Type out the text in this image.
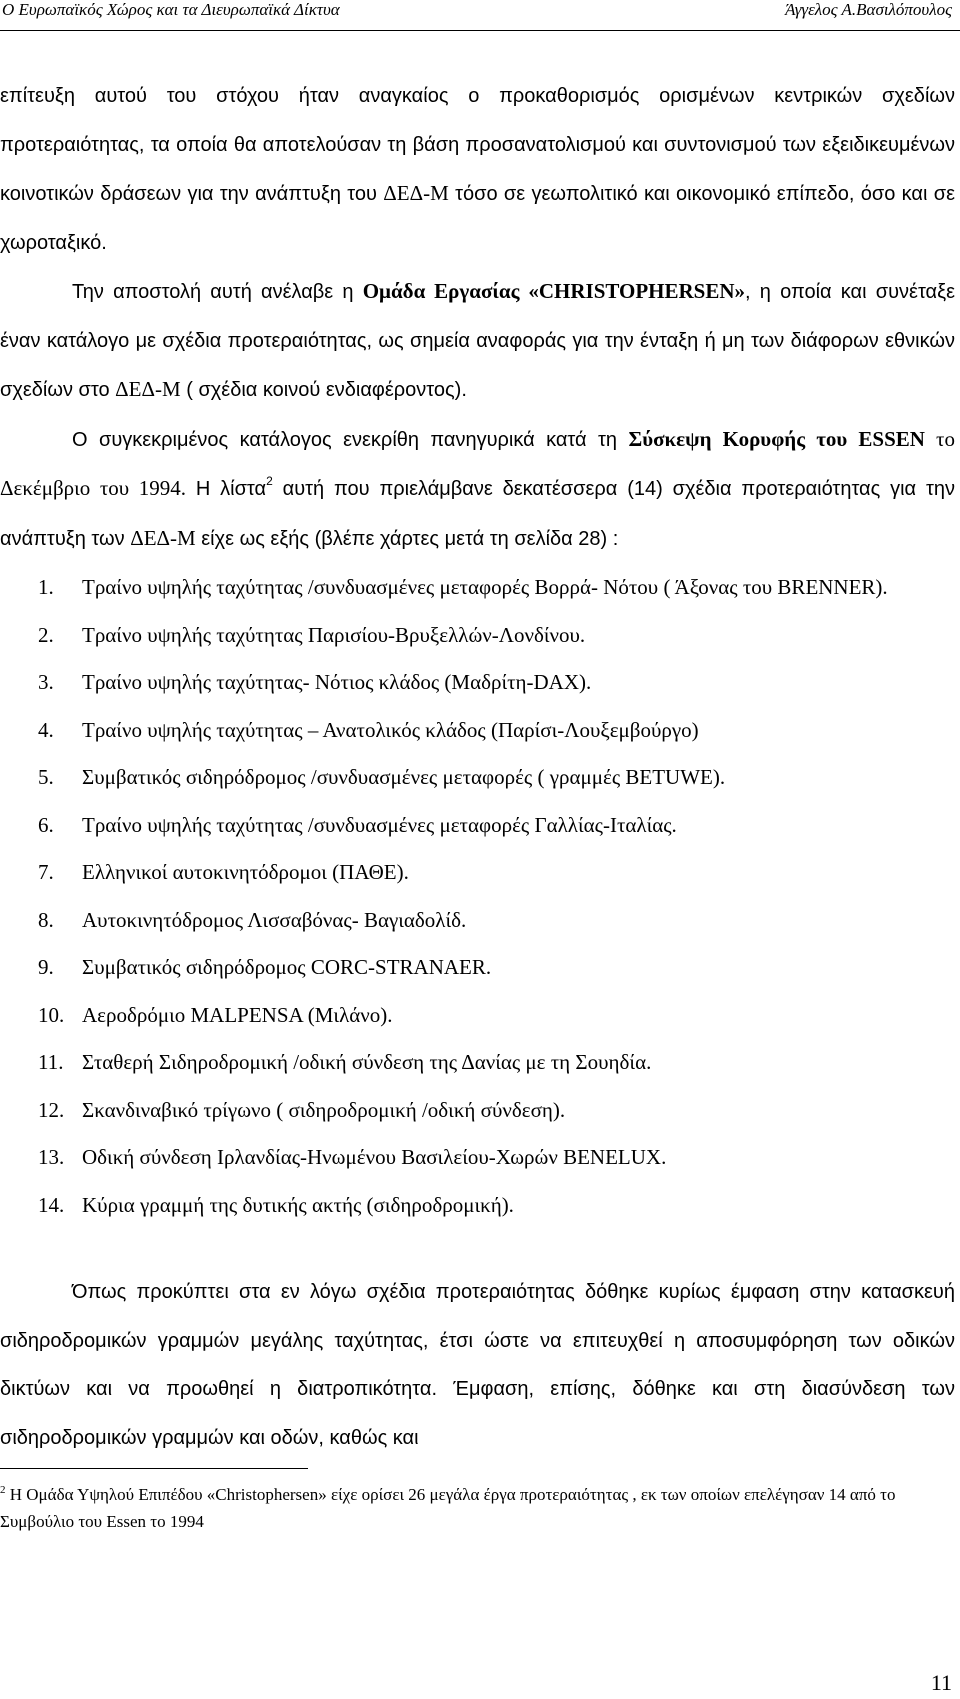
Ο Ευρωπαϊκός Χώρος και τα Διευρωπαϊκά Δίκτυα	Άγγελος Α.Βασιλόπουλος

επίτευξη αυτού του στόχου ήταν αναγκαίος ο προκαθορισμός ορισμένων κεντρικών σχεδίων προτεραιότητας, τα οποία θα αποτελούσαν τη βάση προσανατολισμού και συντονισμού των εξειδικευμένων κοινοτικών δράσεων για την ανάπτυξη του ΔΕΔ-Μ τόσο σε γεωπολιτικό και οικονομικό επίπεδο, όσο και σε χωροταξικό.

Την αποστολή αυτή ανέλαβε η Ομάδα Εργασίας «CHRISTOPHERSEN», η οποία και συνέταξε έναν κατάλογο με σχέδια προτεραιότητας, ως σημεία αναφοράς για την ένταξη ή μη των διάφορων εθνικών σχεδίων στο ΔΕΔ-Μ ( σχέδια κοινού ενδιαφέροντος).

Ο συγκεκριμένος κατάλογος ενεκρίθη πανηγυρικά κατά τη Σύσκεψη Κορυφής του ESSEN το Δεκέμβριο του 1994. Η λίστα$^2$ αυτή που πριελάμβανε δεκατέσσερα (14) σχέδια προτεραιότητας για την ανάπτυξη των ΔΕΔ-Μ είχε ως εξής (βλέπε χάρτες μετά τη σελίδα 28) :

1. Τραίνο υψηλής ταχύτητας /συνδυασμένες μεταφορές Βορρά- Νότου ( Άξονας του BRENNER).
2. Τραίνο υψηλής ταχύτητας Παρισίου-Βρυξελλών-Λονδίνου.
3. Τραίνο υψηλής ταχύτητας- Νότιος κλάδος (Μαδρίτη-DAX).
4. Τραίνο υψηλής ταχύτητας – Ανατολικός κλάδος (Παρίσι-Λουξεμβούργο)
5. Συμβατικός σιδηρόδρομος /συνδυασμένες μεταφορές ( γραμμές BETUWE).
6. Τραίνο υψηλής ταχύτητας /συνδυασμένες μεταφορές Γαλλίας-Ιταλίας.
7. Ελληνικοί αυτοκινητόδρομοι (ΠΑΘΕ).
8. Αυτοκινητόδρομος Λισσαβόνας- Βαγιαδολίδ.
9. Συμβατικός σιδηρόδρομος CORC-STRANAER.
10. Αεροδρόμιο MALPENSA (Μιλάνο).
11. Σταθερή Σιδηροδρομική /οδική σύνδεση της Δανίας με τη Σουηδία.
12. Σκανδιναβικό τρίγωνο ( σιδηροδρομική /οδική σύνδεση).
13. Οδική σύνδεση Ιρλανδίας-Ηνωμένου Βασιλείου-Χωρών BENELUX.
14. Κύρια γραμμή της δυτικής ακτής (σιδηροδρομική).

Όπως προκύπτει στα εν λόγω σχέδια προτεραιότητας δόθηκε κυρίως έμφαση στην κατασκευή σιδηροδρομικών γραμμών μεγάλης ταχύτητας, έτσι ώστε να επιτευχθεί η αποσυμφόρηση των οδικών δικτύων και να προωθηεί η διατροπικότητα. Έμφαση, επίσης, δόθηκε και στη διασύνδεση των σιδηροδρομικών γραμμών και οδών, καθώς και

$^2$ Η Ομάδα Υψηλού Επιπέδου «Christophersen» είχε ορίσει 26 μεγάλα έργα προτεραιότητας , εκ των οποίων επελέγησαν 14 από το Συμβούλιο του Essen το 1994
11
